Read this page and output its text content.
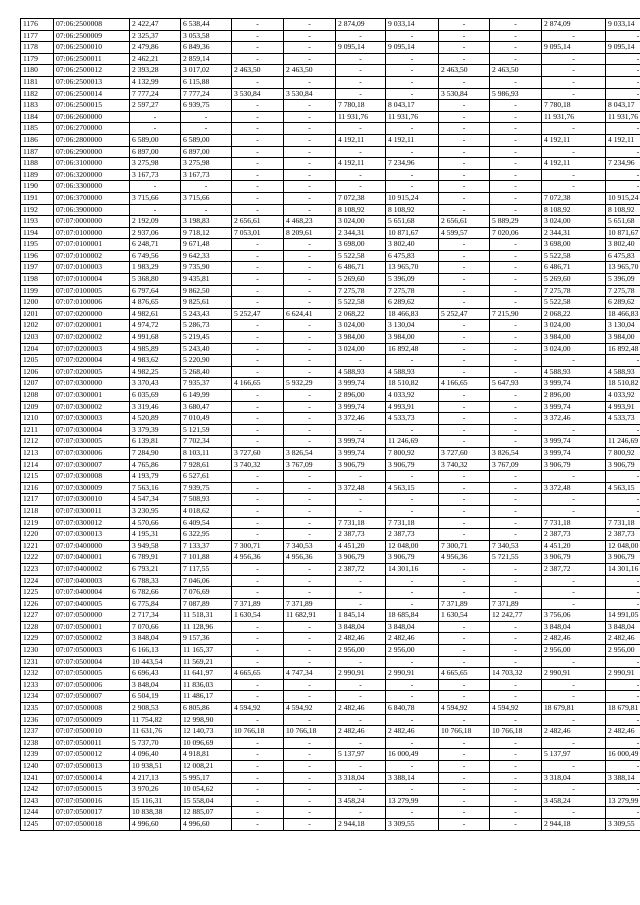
1176	07:06:2500008	2 422,47	6 538,44	-	-	2 874,09	9 033,14	-	-	2 874,09	9 033,14
1177	07:06:2500009	2 325,37	3 053,58	-	-	-	-	-	-	-	-
1178	07:06:2500010	2 479,86	6 849,36	-	-	9 095,14	9 095,14	-	-	9 095,14	9 095,14
1179	07:06:2500011	2 462,21	2 859,14	-	-	-	-	-	-	-	-
1180	07:06:2500012	2 393,28	3 017,02	2 463,50	2 463,50	-	-	2 463,50	2 463,50	-	-
1181	07:06:2500013	4 132,99	6 115,88	-	-	-	-	-	-	-	-
1182	07:06:2500014	7 777,24	7 777,24	3 530,84	3 530,84	-	-	3 530,84	5 986,93	-	-
1183	07:06:2500015	2 597,27	6 939,75	-	-	7 780,18	8 043,17	-	-	7 780,18	8 043,17
1184	07:06:2600000	-	-	-	-	11 931,76	11 931,76	-	-	11 931,76	11 931,76
1185	07:06:2700000	-	-	-	-	-	-	-	-	-	-
1186	07:06:2800000	6 589,00	6 589,00	-	-	4 192,11	4 192,11	-	-	4 192,11	4 192,11
1187	07:06:2900000	6 897,00	6 897,00	-	-	-	-	-	-	-	-
1188	07:06:3100000	3 275,98	3 275,98	-	-	4 192,11	7 234,96	-	-	4 192,11	7 234,96
1189	07:06:3200000	3 167,73	3 167,73	-	-	-	-	-	-	-	-
1190	07:06:3300000	-	-	-	-	-	-	-	-	-	-
1191	07:06:3700000	3 715,66	3 715,66	-	-	7 072,38	10 915,24	-	-	7 072,38	10 915,24
1192	07:06:3900000	-	-	-	-	8 108,92	8 108,92	-	-	8 108,92	8 108,92
1193	07:07:0000000	2 192,09	3 198,83	2 656,61	4 468,23	3 024,00	5 651,68	2 656,61	5 889,29	3 024,00	5 651,68
1194	07:07:0100000	2 937,06	9 718,12	7 053,01	8 209,61	2 344,31	10 871,67	4 599,57	7 020,06	2 344,31	10 871,67
1195	07:07:0100001	6 248,71	9 671,48	-	-	3 698,00	3 802,40	-	-	3 698,00	3 802,40
1196	07:07:0100002	6 749,56	9 642,33	-	-	5 522,58	6 475,83	-	-	5 522,58	6 475,83
1197	07:07:0100003	1 983,29	9 735,90	-	-	6 486,71	13 965,70	-	-	6 486,71	13 965,70
1198	07:07:0100004	5 368,80	9 435,81	-	-	5 269,60	5 396,09	-	-	5 269,60	5 396,09
1199	07:07:0100005	6 797,64	9 862,50	-	-	7 275,78	7 275,78	-	-	7 275,78	7 275,78
1200	07:07:0100006	4 876,65	9 825,61	-	-	5 522,58	6 289,62	-	-	5 522,58	6 289,62
1201	07:07:0200000	4 982,61	5 243,43	5 252,47	6 624,41	2 068,22	18 466,83	5 252,47	7 215,90	2 068,22	18 466,83
1202	07:07:0200001	4 974,72	5 286,73	-	-	3 024,00	3 130,04	-	-	3 024,00	3 130,04
1203	07:07:0200002	4 991,68	5 219,45	-	-	3 984,00	3 984,00	-	-	3 984,00	3 984,00
1204	07:07:0200003	4 985,89	5 243,40	-	-	3 024,00	16 892,48	-	-	3 024,00	16 892,48
1205	07:07:0200004	4 983,62	5 220,90	-	-	-	-	-	-	-	-
1206	07:07:0200005	4 982,25	5 268,40	-	-	4 588,93	4 588,93	-	-	4 588,93	4 588,93
1207	07:07:0300000	3 370,43	7 935,37	4 166,65	5 932,29	3 999,74	18 510,82	4 166,65	5 647,93	3 999,74	18 510,82
1208	07:07:0300001	6 035,69	6 149,99	-	-	2 896,00	4 033,92	-	-	2 896,00	4 033,92
1209	07:07:0300002	3 319,46	3 680,47	-	-	3 999,74	4 993,91	-	-	3 999,74	4 993,91
1210	07:07:0300003	4 520,89	7 010,49	-	-	3 372,46	4 533,73	-	-	3 372,46	4 533,73
1211	07:07:0300004	3 379,39	5 121,59	-	-	-	-	-	-	-	-
1212	07:07:0300005	6 139,81	7 702,34	-	-	3 999,74	11 246,69	-	-	3 999,74	11 246,69
1213	07:07:0300006	7 284,90	8 103,11	3 727,60	3 826,54	3 999,74	7 800,92	3 727,60	3 826,54	3 999,74	7 800,92
1214	07:07:0300007	4 765,86	7 928,61	3 740,32	3 767,09	3 906,79	3 906,79	3 740,32	3 767,09	3 906,79	3 906,79
1215	07:07:0300008	4 193,79	6 527,61	-	-	-	-	-	-	-	-
1216	07:07:0300009	7 563,16	7 939,75	-	-	3 372,48	4 563,15	-	-	3 372,48	4 563,15
1217	07:07:0300010	4 547,34	7 508,93	-	-	-	-	-	-	-	-
1218	07:07:0300011	3 230,95	4 018,62	-	-	-	-	-	-	-	-
1219	07:07:0300012	4 570,66	6 409,54	-	-	7 731,18	7 731,18	-	-	7 731,18	7 731,18
1220	07:07:0300013	4 195,31	6 322,95	-	-	2 387,73	2 387,73	-	-	2 387,73	2 387,73
1221	07:07:0400000	3 949,58	7 133,37	7 300,71	7 340,53	4 451,20	12 048,00	7 300,71	7 340,53	4 451,20	12 048,00
1222	07:07:0400001	6 789,91	7 101,88	4 956,36	4 956,36	3 906,79	3 906,79	4 956,36	5 721,55	3 906,79	3 906,79
1223	07:07:0400002	6 793,21	7 117,55	-	-	2 387,72	14 301,16	-	-	2 387,72	14 301,16
1224	07:07:0400003	6 788,33	7 046,06	-	-	-	-	-	-	-	-
1225	07:07:0400004	6 782,66	7 076,69	-	-	-	-	-	-	-	-
1226	07:07:0400005	6 775,84	7 087,89	7 371,89	7 371,89	-	-	7 371,89	7 371,89	-	-
1227	07:07:0500000	2 717,34	11 518,31	1 630,54	11 682,91	1 845,14	18 685,84	1 630,54	12 242,77	3 756,06	14 991,05
1228	07:07:0500001	7 070,66	11 128,96	-	-	3 848,04	3 848,04	-	-	3 848,04	3 848,04
1229	07:07:0500002	3 848,04	9 157,36	-	-	2 482,46	2 482,46	-	-	2 482,46	2 482,46
1230	07:07:0500003	6 166,13	11 165,37	-	-	2 956,00	2 956,00	-	-	2 956,00	2 956,00
1231	07:07:0500004	10 443,54	11 569,21	-	-	-	-	-	-	-	-
1232	07:07:0500005	6 696,43	11 641,97	4 665,65	4 747,34	2 990,91	2 990,91	4 665,65	14 703,32	2 990,91	2 990,91
1233	07:07:0500006	3 848,04	11 836,03	-	-	-	-	-	-	-	-
1234	07:07:0500007	6 504,19	11 486,17	-	-	-	-	-	-	-	-
1235	07:07:0500008	2 908,53	6 805,86	4 594,92	4 594,92	2 482,46	6 840,78	4 594,92	4 594,92	18 679,81	18 679,81
1236	07:07:0500009	11 754,82	12 998,90	-	-	-	-	-	-	-	-
1237	07:07:0500010	11 631,76	12 140,73	10 766,18	10 766,18	2 482,46	2 482,46	10 766,18	10 766,18	2 482,46	2 482,46
1238	07:07:0500011	5 737,70	10 096,69	-	-	-	-	-	-	-	-
1239	07:07:0500012	4 096,40	4 918,81	-	-	5 137,97	16 000,49	-	-	5 137,97	16 000,49
1240	07:07:0500013	10 938,51	12 008,21	-	-	-	-	-	-	-	-
1241	07:07:0500014	4 217,13	5 995,17	-	-	3 318,04	3 388,14	-	-	3 318,04	3 388,14
1242	07:07:0500015	3 970,26	10 054,62	-	-	-	-	-	-	-	-
1243	07:07:0500016	15 116,31	15 558,04	-	-	3 458,24	13 279,99	-	-	3 458,24	13 279,99
1244	07:07:0500017	10 838,38	12 885,07	-	-	-	-	-	-	-	-
1245	07:07:0500018	4 996,60	4 996,60	-	-	2 944,18	3 309,55	-	-	2 944,18	3 309,55
